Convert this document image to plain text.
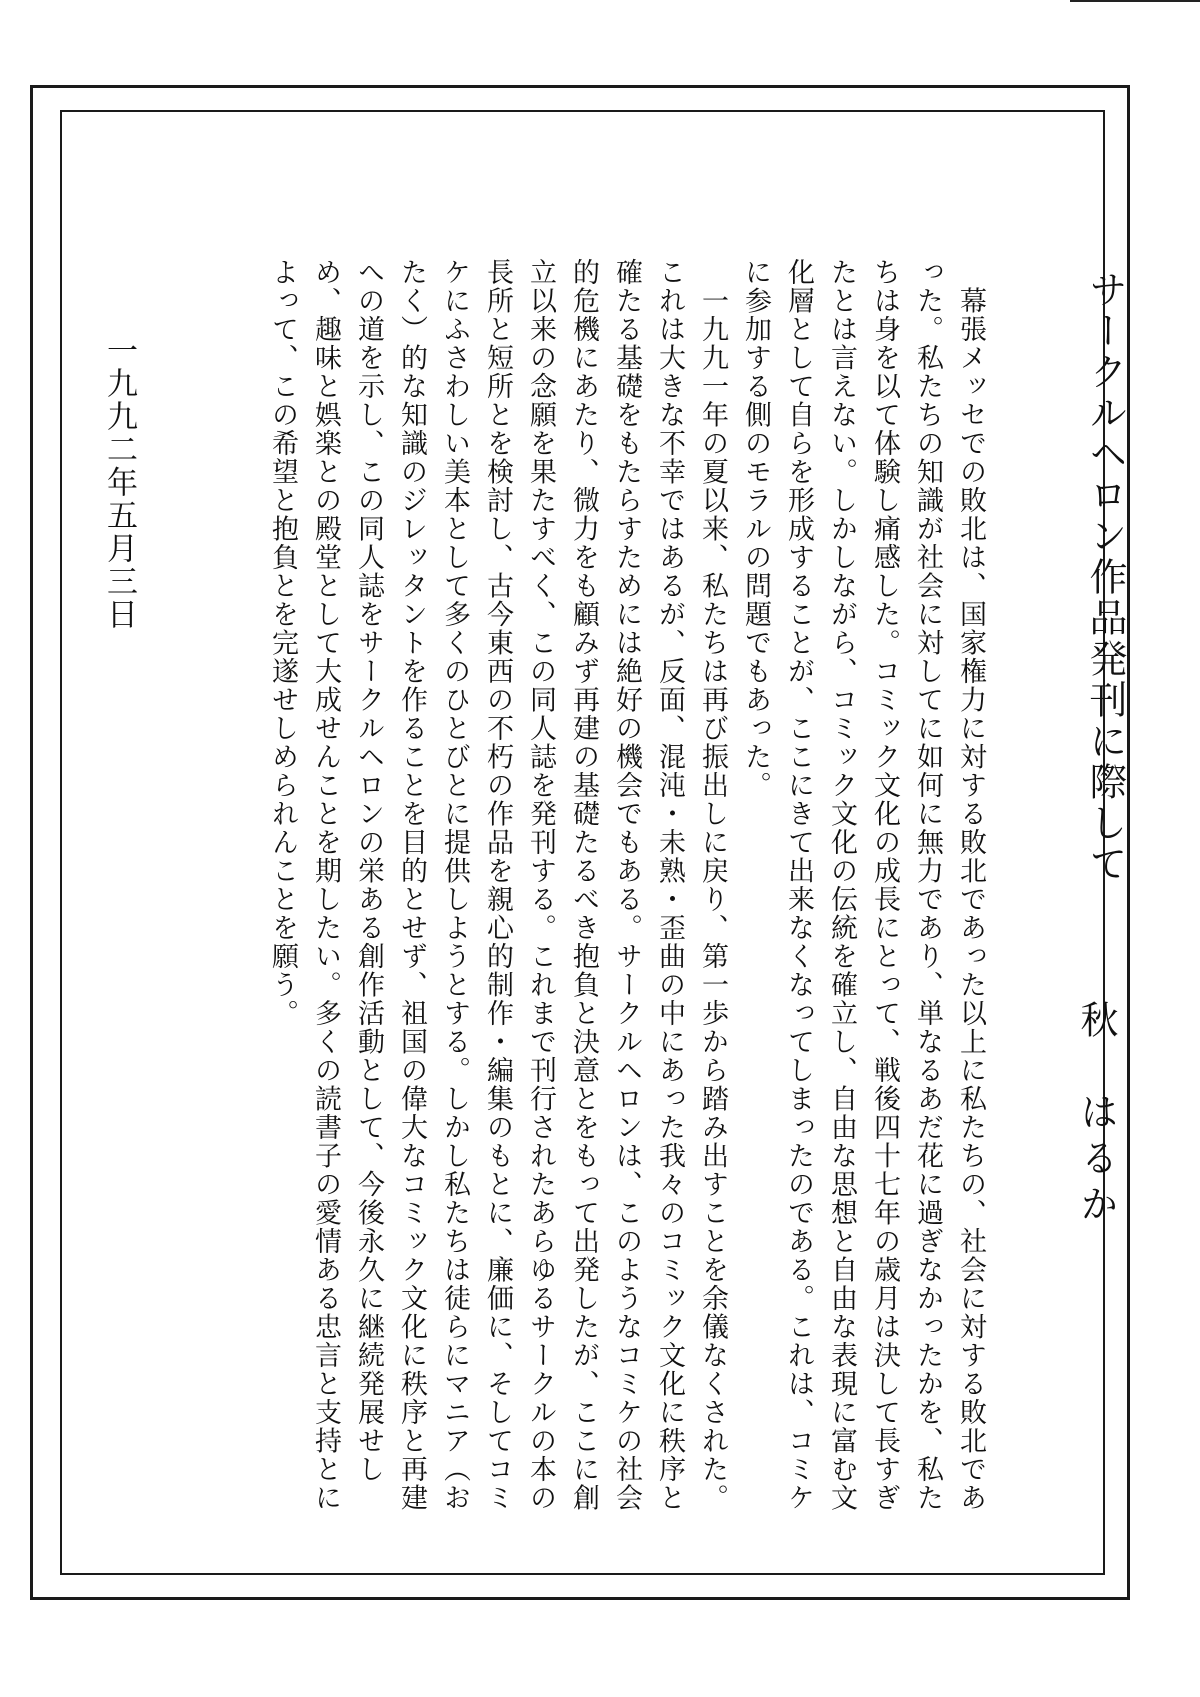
サークルヘロン作品発刊に際して
秋　はるか
　幕張メッセでの敗北は、国家権力に対する敗北であった以上に私たちの、社会に対する敗北であった。私たちの知識が社会に対してに如何に無力であり、単なるあだ花に過ぎなかったかを、私たちは身を以て体験し痛感した。コミック文化の成長にとって、戦後四十七年の歳月は決して長すぎたとは言えない。しかしながら、コミック文化の伝統を確立し、自由な思想と自由な表現に富む文化層として自らを形成することが、ここにきて出来なくなってしまったのである。これは、コミケに参加する側のモラルの問題でもあった。
　一九九一年の夏以来、私たちは再び振出しに戻り、第一歩から踏み出すことを余儀なくされた。これは大きな不幸ではあるが、反面、混沌・未熟・歪曲の中にあった我々のコミック文化に秩序と確たる基礎をもたらすためには絶好の機会でもある。サークルヘロンは、このようなコミケの社会的危機にあたり、微力をも顧みず再建の基礎たるべき抱負と決意とをもって出発したが、ここに創立以来の念願を果たすべく、この同人誌を発刊する。これまで刊行されたあらゆるサークルの本の長所と短所とを検討し、古今東西の不朽の作品を親心的制作・編集のもとに、廉価に、そしてコミケにふさわしい美本として多くのひとびとに提供しようとする。しかし私たちは徒らにマニア（おたく）的な知識のジレッタントを作ることを目的とせず、祖国の偉大なコミック文化に秩序と再建への道を示し、この同人誌をサークルヘロンの栄ある創作活動として、今後永久に継続発展せしめ、趣味と娯楽との殿堂として大成せんことを期したい。多くの読書子の愛情ある忠言と支持とによって、この希望と抱負とを完遂せしめられんことを願う。
一九九二年五月三日
